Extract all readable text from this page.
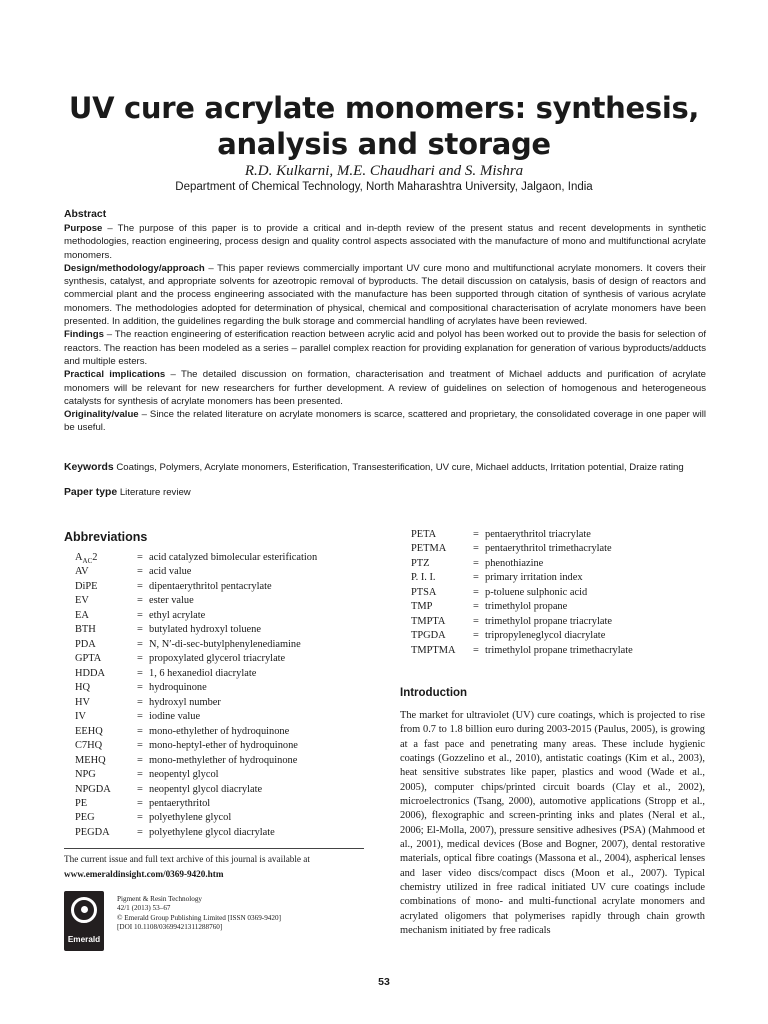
UV cure acrylate monomers: synthesis,
analysis and storage
R.D. Kulkarni, M.E. Chaudhari and S. Mishra
Department of Chemical Technology, North Maharashtra University, Jalgaon, India
Abstract

Purpose – The purpose of this paper is to provide a critical and in-depth review of the present status and recent developments in synthetic methodologies, reaction engineering, process design and quality control aspects associated with the manufacture of mono and multifunctional acrylate monomers.

Design/methodology/approach – This paper reviews commercially important UV cure mono and multifunctional acrylate monomers. It covers their synthesis, catalyst, and appropriate solvents for azeotropic removal of byproducts. The detail discussion on catalysis, basis of design of reactors and commercial plant and the process engineering associated with the manufacture has been supported through citation of synthesis of various acrylate monomers. The methodologies adopted for determination of physical, chemical and compositional characterisation of acrylate monomers have been presented. In addition, the guidelines regarding the bulk storage and commercial handling of acrylates have been reviewed.

Findings – The reaction engineering of esterification reaction between acrylic acid and polyol has been worked out to provide the basis for selection of reactors. The reaction has been modeled as a series – parallel complex reaction for providing explanation for generation of various byproducts/adducts and multiple esters.

Practical implications – The detailed discussion on formation, characterisation and treatment of Michael adducts and purification of acrylate monomers will be relevant for new researchers for further development. A review of guidelines on selection of homogenous and heterogeneous catalysts for synthesis of acrylate monomers has been presented.

Originality/value – Since the related literature on acrylate monomers is scarce, scattered and proprietary, the consolidated coverage in one paper will be useful.

Keywords Coatings, Polymers, Acrylate monomers, Esterification, Transesterification, UV cure, Michael adducts, Irritation potential, Draize rating
Paper type Literature review
Abbreviations
$A_{AC}2$	= acid catalyzed bimolecular esterification
AV	= acid value
DiPE	= dipentaerythritol pentacrylate
EV	= ester value
EA	= ethyl acrylate
BTH	= butylated hydroxyl toluene
PDA	= N, N′-di-sec-butylphenylenediamine
GPTA	= propoxylated glycerol triacrylate
HDDA	= 1, 6 hexanediol diacrylate
HQ	= hydroquinone
HV	= hydroxyl number
IV	= iodine value
EEHQ	= mono-ethylether of hydroquinone
C7HQ	= mono-heptyl-ether of hydroquinone
MEHQ	= mono-methylether of hydroquinone
NPG	= neopentyl glycol
NPGDA	= neopentyl glycol diacrylate
PE	= pentaerythritol
PEG	= polyethylene glycol
PEGDA	= polyethylene glycol diacrylate
PETA	= pentaerythritol triacrylate
PETMA	= pentaerythritol trimethacrylate
PTZ	= phenothiazine
P. I. I.	= primary irritation index
PTSA	= p-toluene sulphonic acid
TMP	= trimethylol propane
TMPTA	= trimethylol propane triacrylate
TPGDA	= tripropyleneglycol diacrylate
TMPTMA	= trimethylol propane trimethacrylate
Introduction
The market for ultraviolet (UV) cure coatings, which is projected to rise from 0.7 to 1.8 billion euro during 2003-2015 (Paulus, 2005), is growing at a fast pace and penetrating many areas. These include hygienic coatings (Gozzelino et al., 2010), antistatic coatings (Kim et al., 2003), heat sensitive substrates like paper, plastics and wood (Wade et al., 2005), computer chips/printed circuit boards (Clay et al., 2002), microelectronics (Tsang, 2000), automotive applications (Stropp et al., 2006), flexographic and screen-printing inks and plates (Neral et al., 2006; El-Molla, 2007), pressure sensitive adhesives (PSA) (Mahmood et al., 2001), medical devices (Bose and Bogner, 2007), dental restorative materials, optical fibre coatings (Massona et al., 2004), aspherical lenses and laser video discs/compact discs (Moon et al., 2007). Typical chemistry utilized in free radical initiated UV cure coatings include combinations of mono- and multi-functional acrylate monomers and acrylated oligomers that polymerises rapidly through chain growth mechanism initiated by free radicals
The current issue and full text archive of this journal is available at
www.emeraldinsight.com/0369-9420.htm
Emerald
Pigment & Resin Technology
42/1 (2013) 53–67
© Emerald Group Publishing Limited [ISSN 0369-9420]
[DOI 10.1108/03699421311288760]
53
